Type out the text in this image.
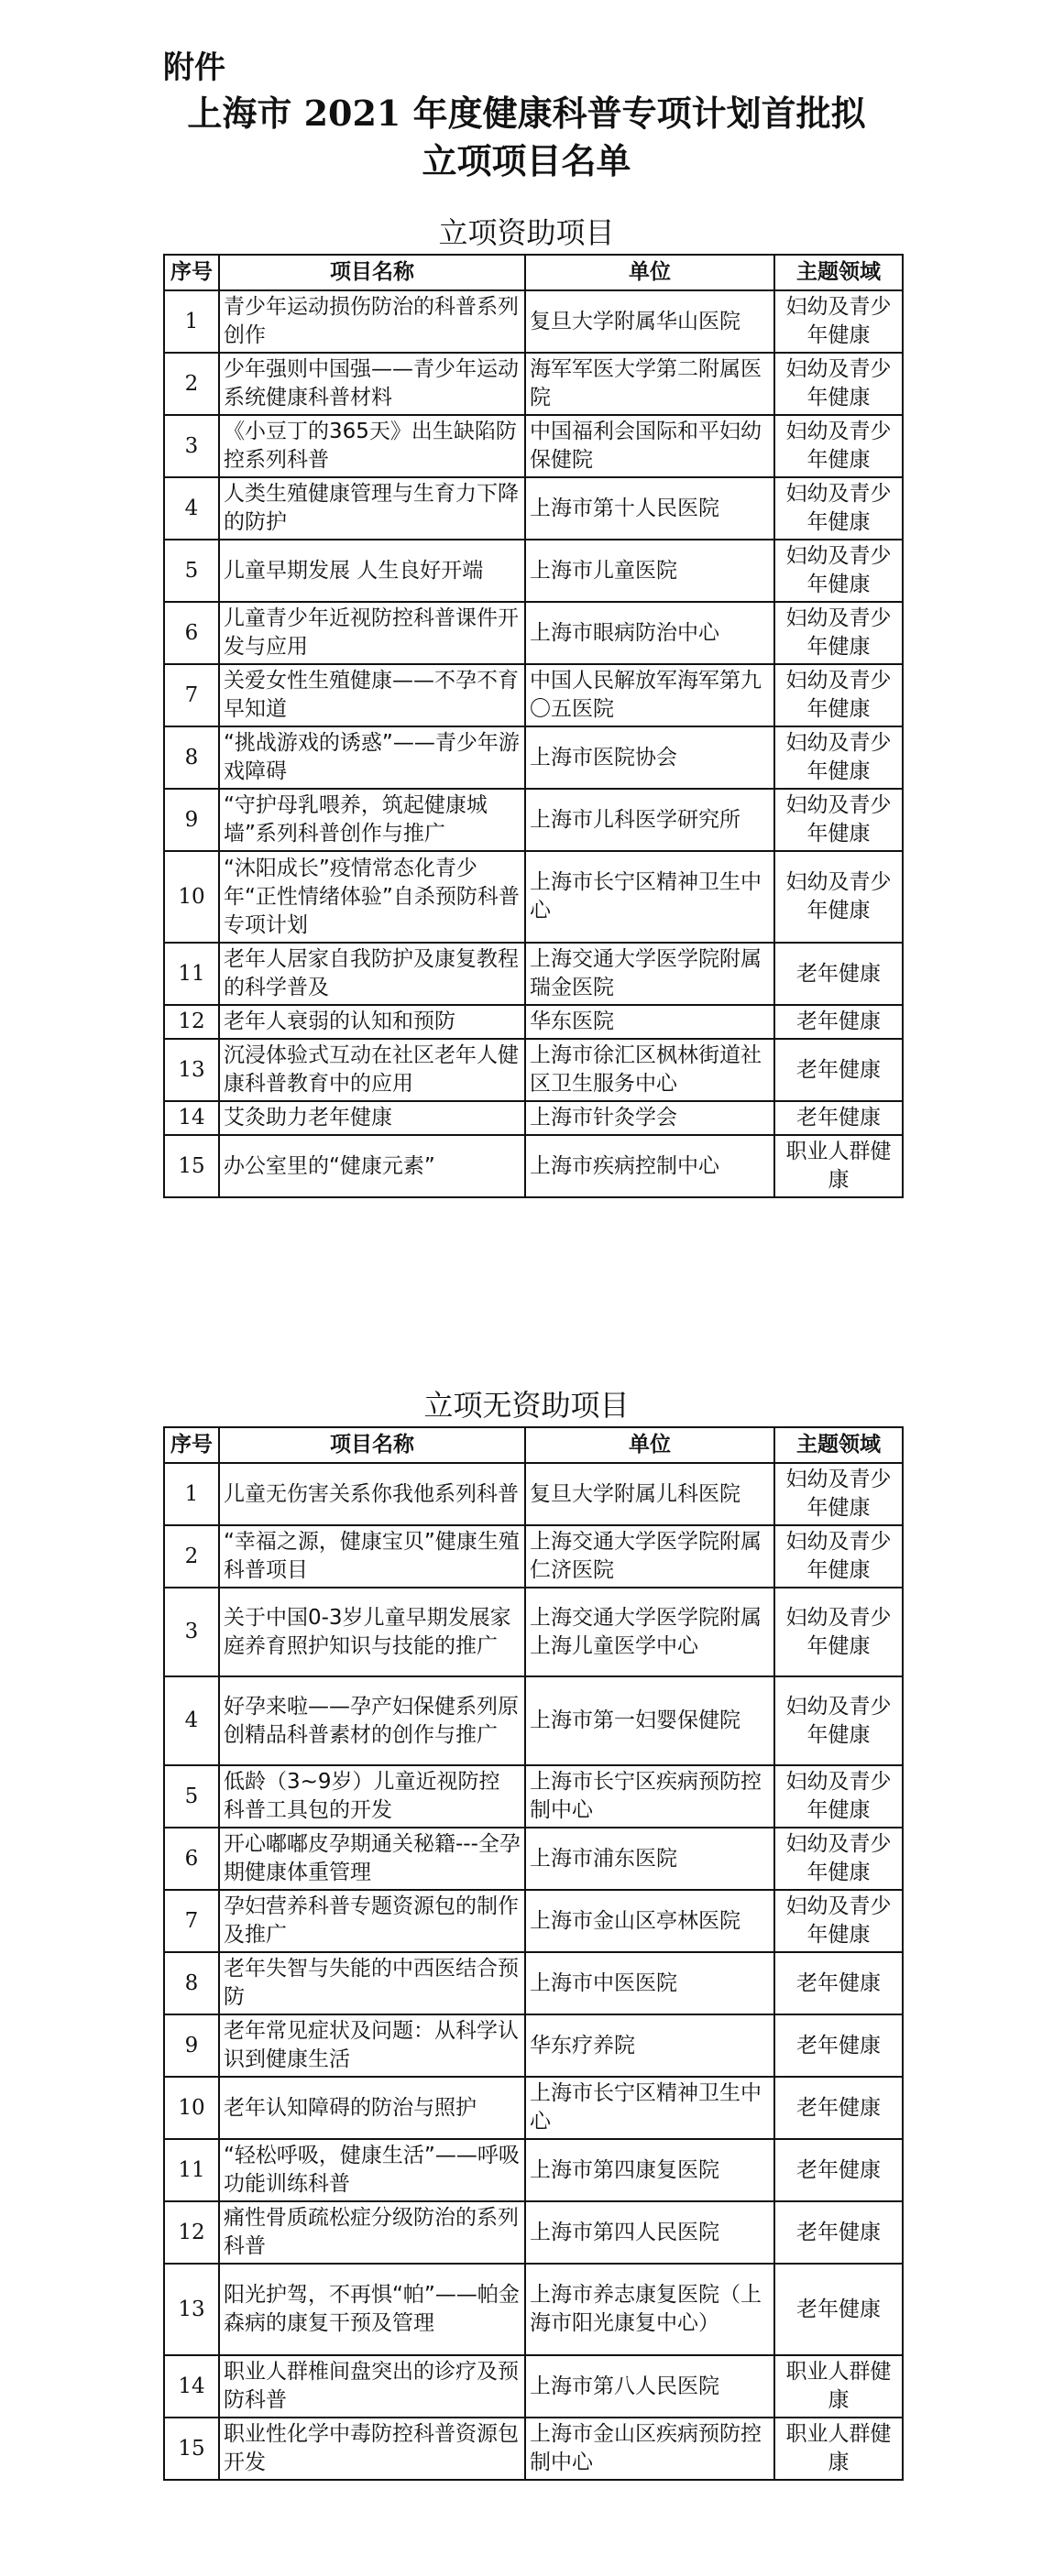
附件
上海市 2021 年度健康科普专项计划首批拟
立项项目名单
立项资助项目
序号	项目名称	单位	主题领域
1	青少年运动损伤防治的科普系列创作	复旦大学附属华山医院	妇幼及青少年健康
2	少年强则中国强——青少年运动系统健康科普材料	海军军医大学第二附属医院	妇幼及青少年健康
3	《小豆丁的365天》出生缺陷防控系列科普	中国福利会国际和平妇幼保健院	妇幼及青少年健康
4	人类生殖健康管理与生育力下降的防护	上海市第十人民医院	妇幼及青少年健康
5	儿童早期发展 人生良好开端	上海市儿童医院	妇幼及青少年健康
6	儿童青少年近视防控科普课件开发与应用	上海市眼病防治中心	妇幼及青少年健康
7	关爱女性生殖健康——不孕不育早知道	中国人民解放军海军第九〇五医院	妇幼及青少年健康
8	“挑战游戏的诱惑”——青少年游戏障碍	上海市医院协会	妇幼及青少年健康
9	“守护母乳喂养，筑起健康城墙”系列科普创作与推广	上海市儿科医学研究所	妇幼及青少年健康
10	“沐阳成长”疫情常态化青少年“正性情绪体验”自杀预防科普专项计划	上海市长宁区精神卫生中心	妇幼及青少年健康
11	老年人居家自我防护及康复教程的科学普及	上海交通大学医学院附属瑞金医院	老年健康
12	老年人衰弱的认知和预防	华东医院	老年健康
13	沉浸体验式互动在社区老年人健康科普教育中的应用	上海市徐汇区枫林街道社区卫生服务中心	老年健康
14	艾灸助力老年健康	上海市针灸学会	老年健康
15	办公室里的“健康元素”	上海市疾病控制中心	职业人群健康
立项无资助项目
序号	项目名称	单位	主题领域
1	儿童无伤害关系你我他系列科普	复旦大学附属儿科医院	妇幼及青少年健康
2	“幸福之源，健康宝贝”健康生殖科普项目	上海交通大学医学院附属仁济医院	妇幼及青少年健康
3	关于中国0-3岁儿童早期发展家庭养育照护知识与技能的推广	上海交通大学医学院附属上海儿童医学中心	妇幼及青少年健康
4	好孕来啦——孕产妇保健系列原创精品科普素材的创作与推广	上海市第一妇婴保健院	妇幼及青少年健康
5	低龄（3~9岁）儿童近视防控科普工具包的开发	上海市长宁区疾病预防控制中心	妇幼及青少年健康
6	开心嘟嘟皮孕期通关秘籍---全孕期健康体重管理	上海市浦东医院	妇幼及青少年健康
7	孕妇营养科普专题资源包的制作及推广	上海市金山区亭林医院	妇幼及青少年健康
8	老年失智与失能的中西医结合预防	上海市中医医院	老年健康
9	老年常见症状及问题：从科学认识到健康生活	华东疗养院	老年健康
10	老年认知障碍的防治与照护	上海市长宁区精神卫生中心	老年健康
11	“轻松呼吸，健康生活”——呼吸功能训练科普	上海市第四康复医院	老年健康
12	痛性骨质疏松症分级防治的系列科普	上海市第四人民医院	老年健康
13	阳光护驾，不再惧“帕”——帕金森病的康复干预及管理	上海市养志康复医院（上海市阳光康复中心）	老年健康
14	职业人群椎间盘突出的诊疗及预防科普	上海市第八人民医院	职业人群健康
15	职业性化学中毒防控科普资源包开发	上海市金山区疾病预防控制中心	职业人群健康
